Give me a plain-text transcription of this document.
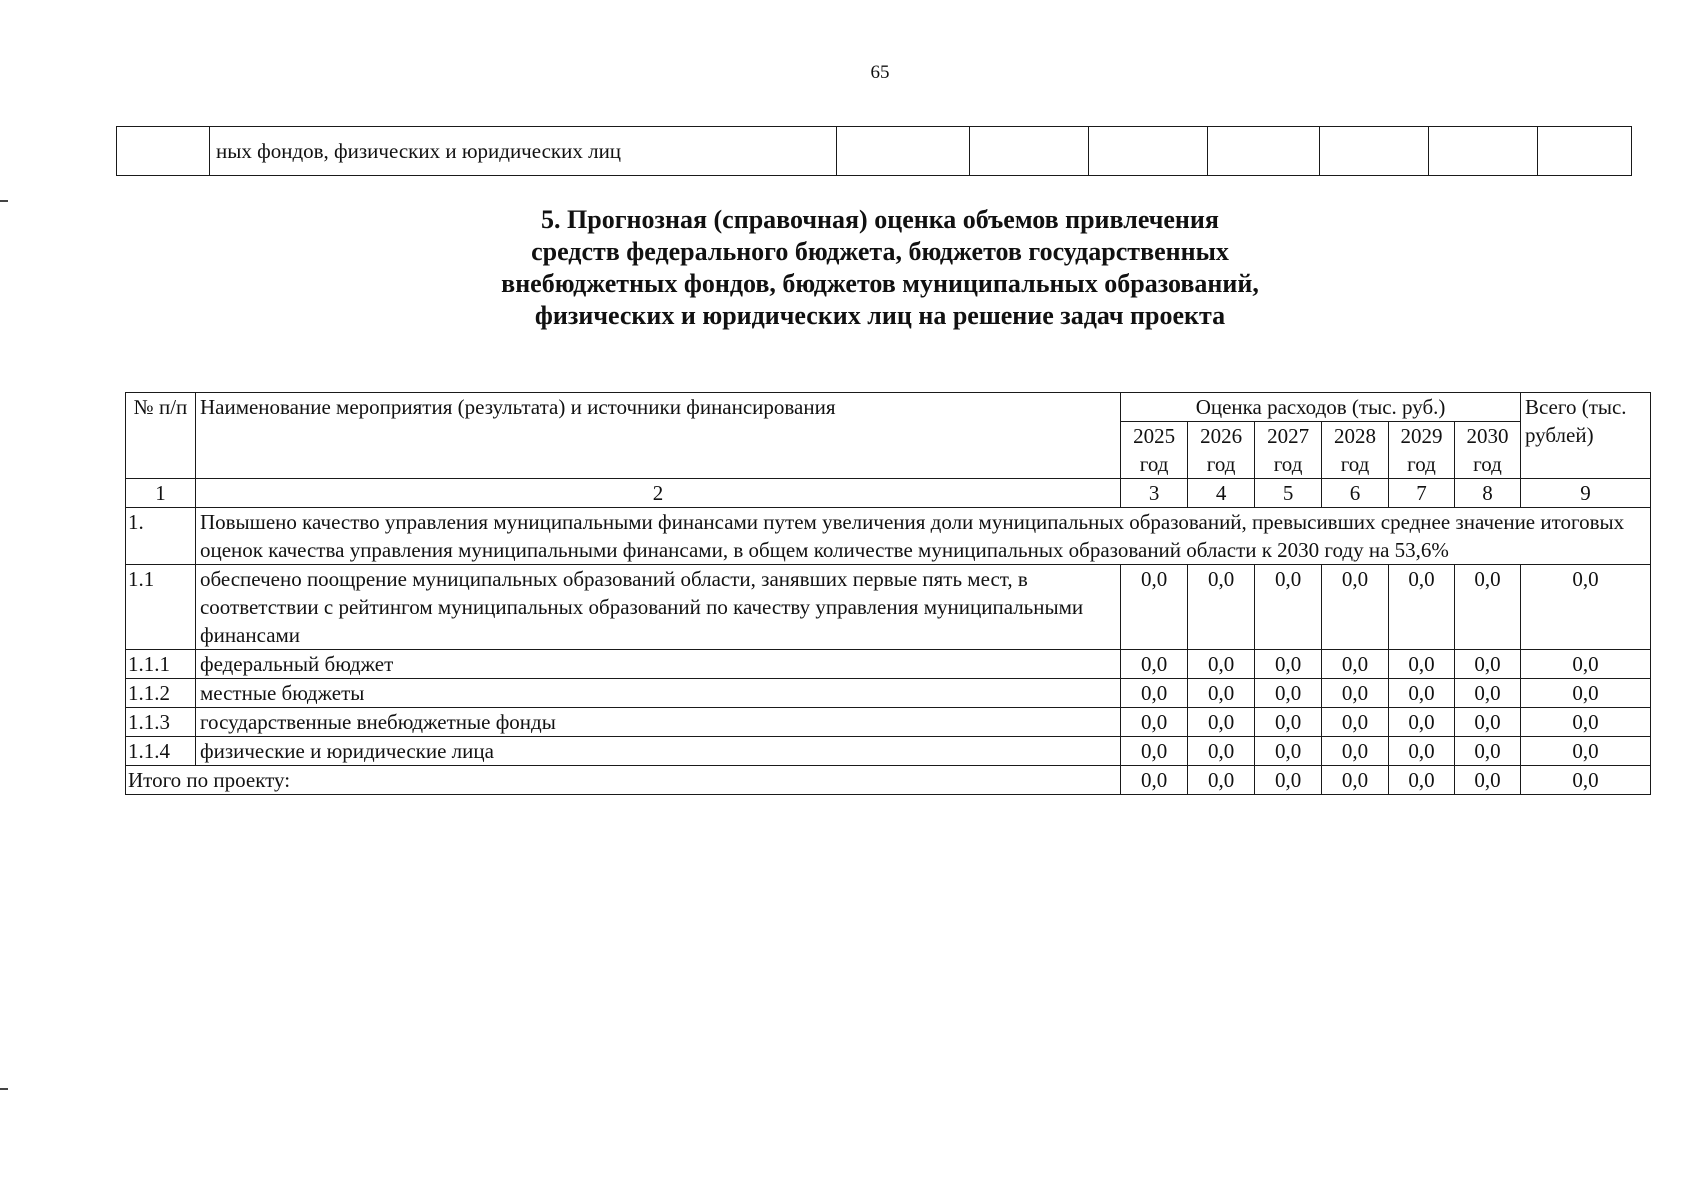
65
	ных фондов, физических и юридических лиц							
5. Прогнозная (справочная) оценка объемов привлечения
средств федерального бюджета, бюджетов государственных
внебюджетных фондов, бюджетов муниципальных образований,
физических и юридических лиц на решение задач проекта
№ п/п	Наименование мероприятия (результата) и источники финансирования	Оценка расходов (тыс. руб.)						Всего (тыс. рублей)
		2025 год	2026 год	2027 год	2028 год	2029 год	2030 год	
1	2	3	4	5	6	7	8	9
1.	Повышено качество управления муниципальными финансами путем увеличения доли муниципальных образований, превысивших среднее значение итоговых оценок качества управления муниципальными финансами, в общем количестве муниципальных образований области к 2030 году на 53,6%							
1.1	обеспечено поощрение муниципальных образований области, занявших первые пять мест, в соответствии с рейтингом муниципальных образований по качеству управления муниципальными финансами	0,0	0,0	0,0	0,0	0,0	0,0	0,0
1.1.1	федеральный бюджет	0,0	0,0	0,0	0,0	0,0	0,0	0,0
1.1.2	местные бюджеты	0,0	0,0	0,0	0,0	0,0	0,0	0,0
1.1.3	государственные внебюджетные фонды	0,0	0,0	0,0	0,0	0,0	0,0	0,0
1.1.4	физические и юридические лица	0,0	0,0	0,0	0,0	0,0	0,0	0,0
Итого по проекту:		0,0	0,0	0,0	0,0	0,0	0,0	0,0
